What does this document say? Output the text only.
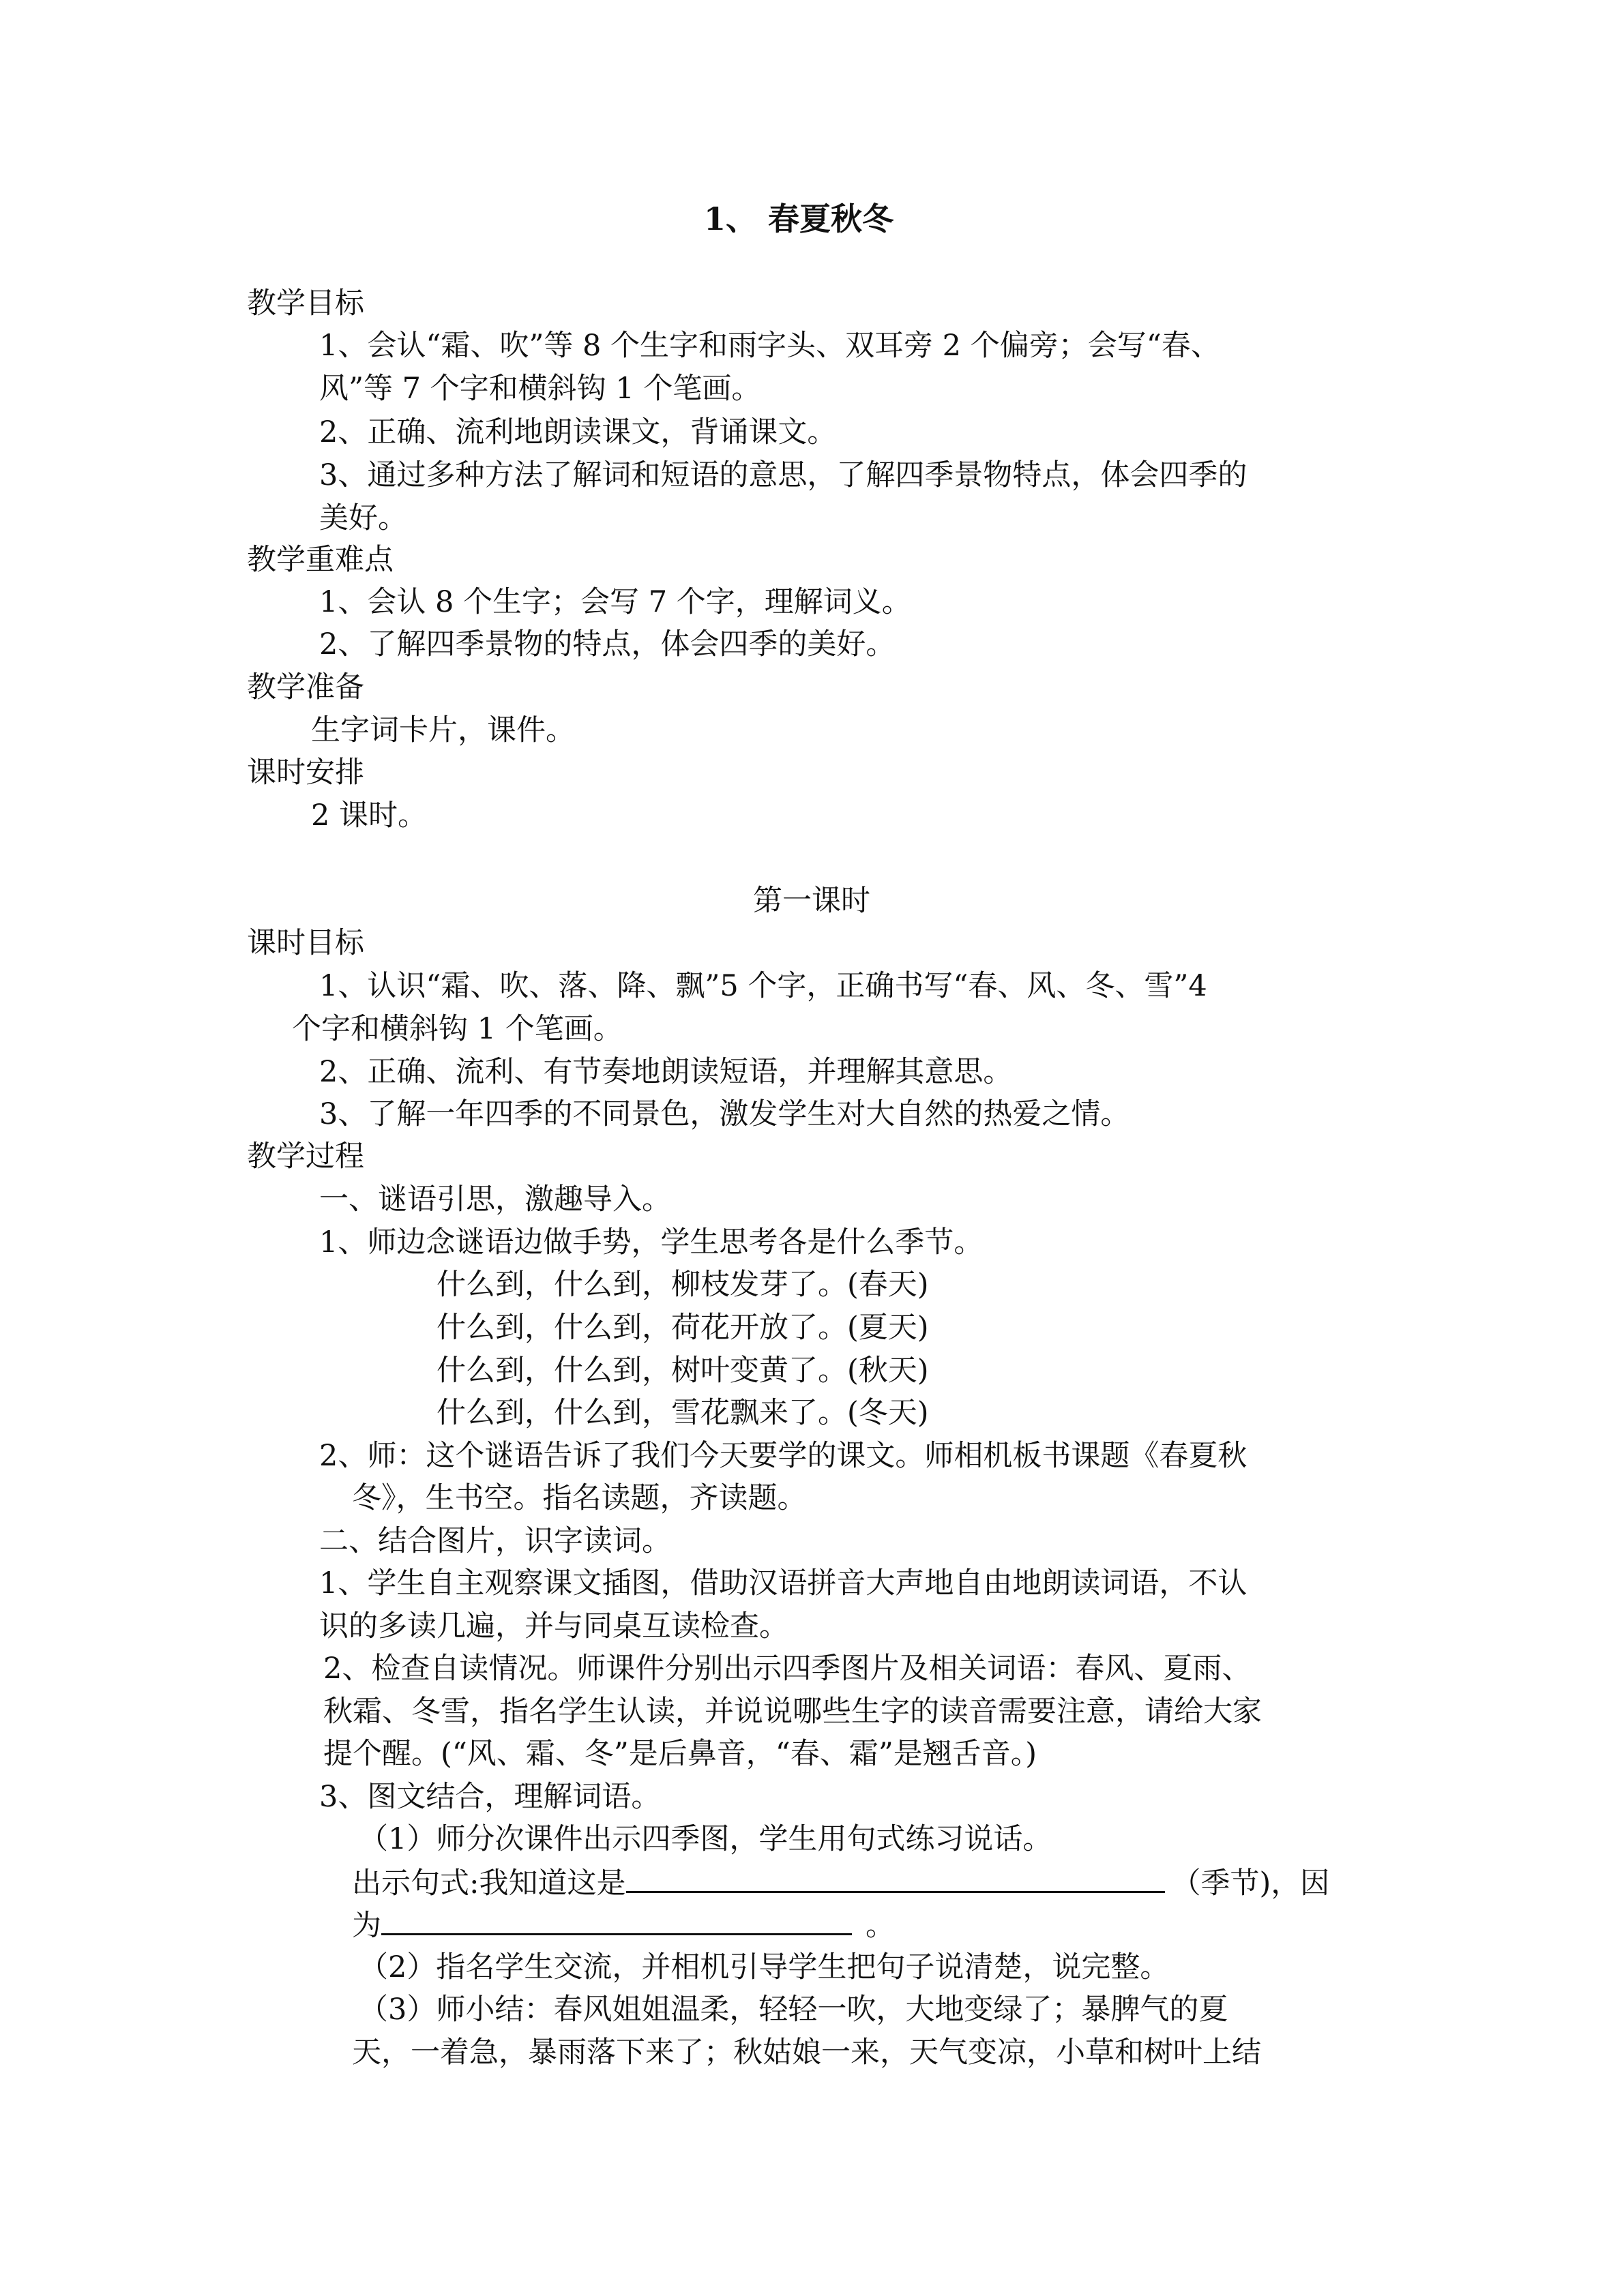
1、 春夏秋冬
教学目标
1、会认“霜、吹”等 8 个生字和雨字头、双耳旁 2 个偏旁；会写“春、
风”等 7 个字和横斜钩 1 个笔画。
2、正确、流利地朗读课文，背诵课文。
3、通过多种方法了解词和短语的意思，了解四季景物特点，体会四季的
美好。
教学重难点
1、会认 8 个生字；会写 7 个字，理解词义。
2、了解四季景物的特点，体会四季的美好。
教学准备
生字词卡片，课件。
课时安排
2 课时。
第一课时
课时目标
1、认识“霜、吹、落、降、飘”5 个字，正确书写“春、风、冬、雪”4
个字和横斜钩 1 个笔画。
2、正确、流利、有节奏地朗读短语，并理解其意思。
3、了解一年四季的不同景色，激发学生对大自然的热爱之情。
教学过程
一、谜语引思，激趣导入。
1、师边念谜语边做手势，学生思考各是什么季节。
什么到，什么到，柳枝发芽了。(春天)
什么到，什么到，荷花开放了。(夏天)
什么到，什么到，树叶变黄了。(秋天)
什么到，什么到，雪花飘来了。(冬天)
2、师：这个谜语告诉了我们今天要学的课文。师相机板书课题《春夏秋
冬》，生书空。指名读题，齐读题。
二、结合图片，识字读词。
1、学生自主观察课文插图，借助汉语拼音大声地自由地朗读词语，不认
识的多读几遍，并与同桌互读检查。
2、检查自读情况。师课件分别出示四季图片及相关词语：春风、夏雨、
秋霜、冬雪，指名学生认读，并说说哪些生字的读音需要注意，请给大家
提个醒。(“风、霜、冬”是后鼻音，“春、霜”是翘舌音。)
3、图文结合，理解词语。
（1）师分次课件出示四季图，学生用句式练习说话。
出示句式:我知道这是	（季节)，因
为	。
（2）指名学生交流，并相机引导学生把句子说清楚，说完整。
（3）师小结：春风姐姐温柔，轻轻一吹，大地变绿了；暴脾气的夏
天，一着急，暴雨落下来了；秋姑娘一来，天气变凉，小草和树叶上结
